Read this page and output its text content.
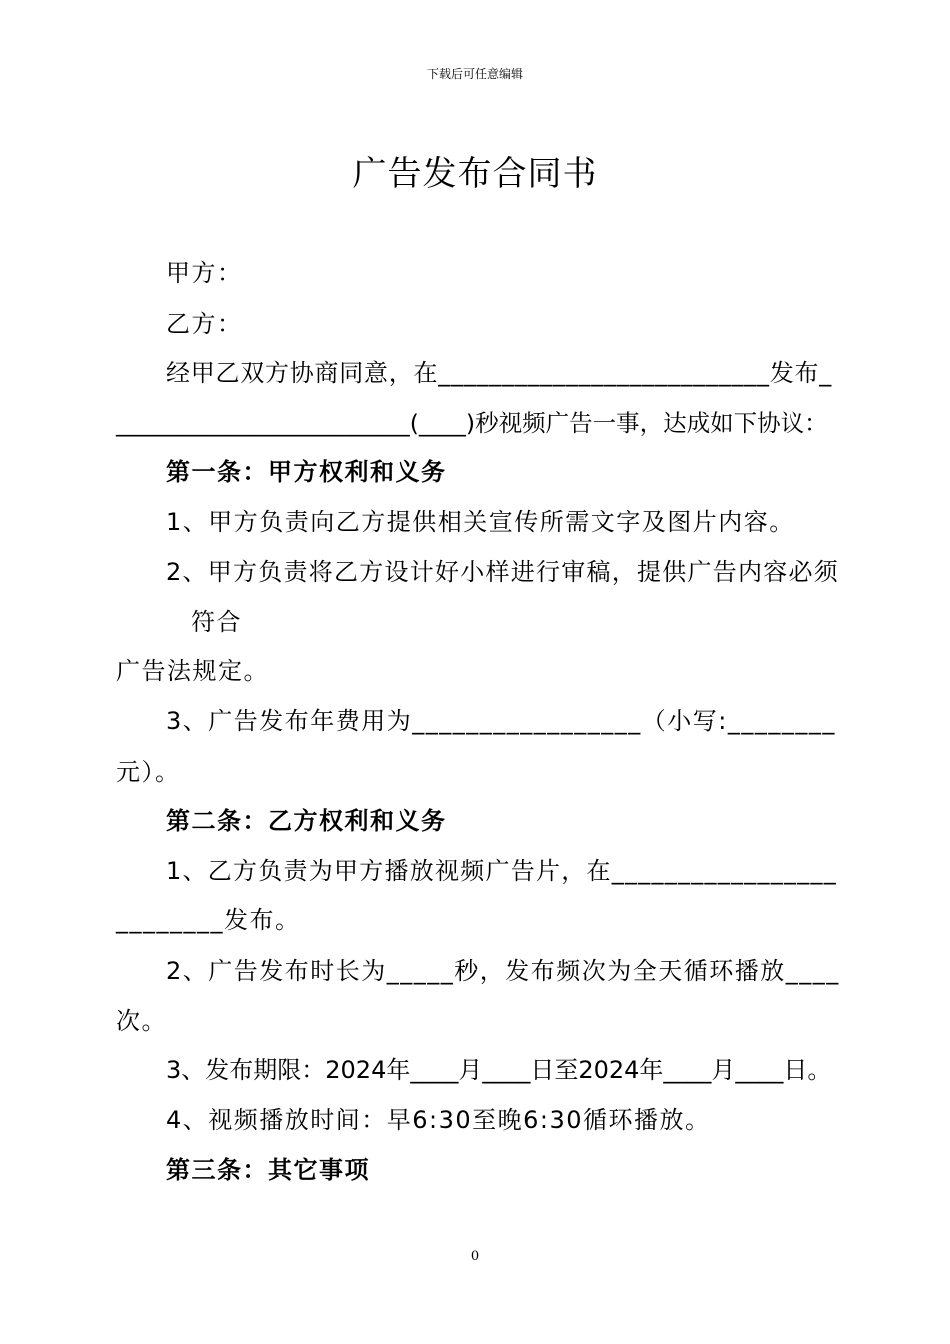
下载后可任意编辑
广告发布合同书
甲方：
乙方：
经甲乙双方协商同意，在__________________________发布_
_________________________(____)秒视频广告一事，达成如下协议：
第一条：甲方权利和义务
1、甲方负责向乙方提供相关宣传所需文字及图片内容。
2、甲方负责将乙方设计好小样进行审稿，提供广告内容必须
符合
广告法规定。
3、广告发布年费用为_________________（小写:________
元）。
第二条：乙方权利和义务
1、乙方负责为甲方播放视频广告片，在_________________
________发布。
2、广告发布时长为_____秒，发布频次为全天循环播放____
次。
3、发布期限：2024年____月____日至2024年____月____日。
4、视频播放时间：早6:30至晚6:30循环播放。
第三条：其它事项
0
